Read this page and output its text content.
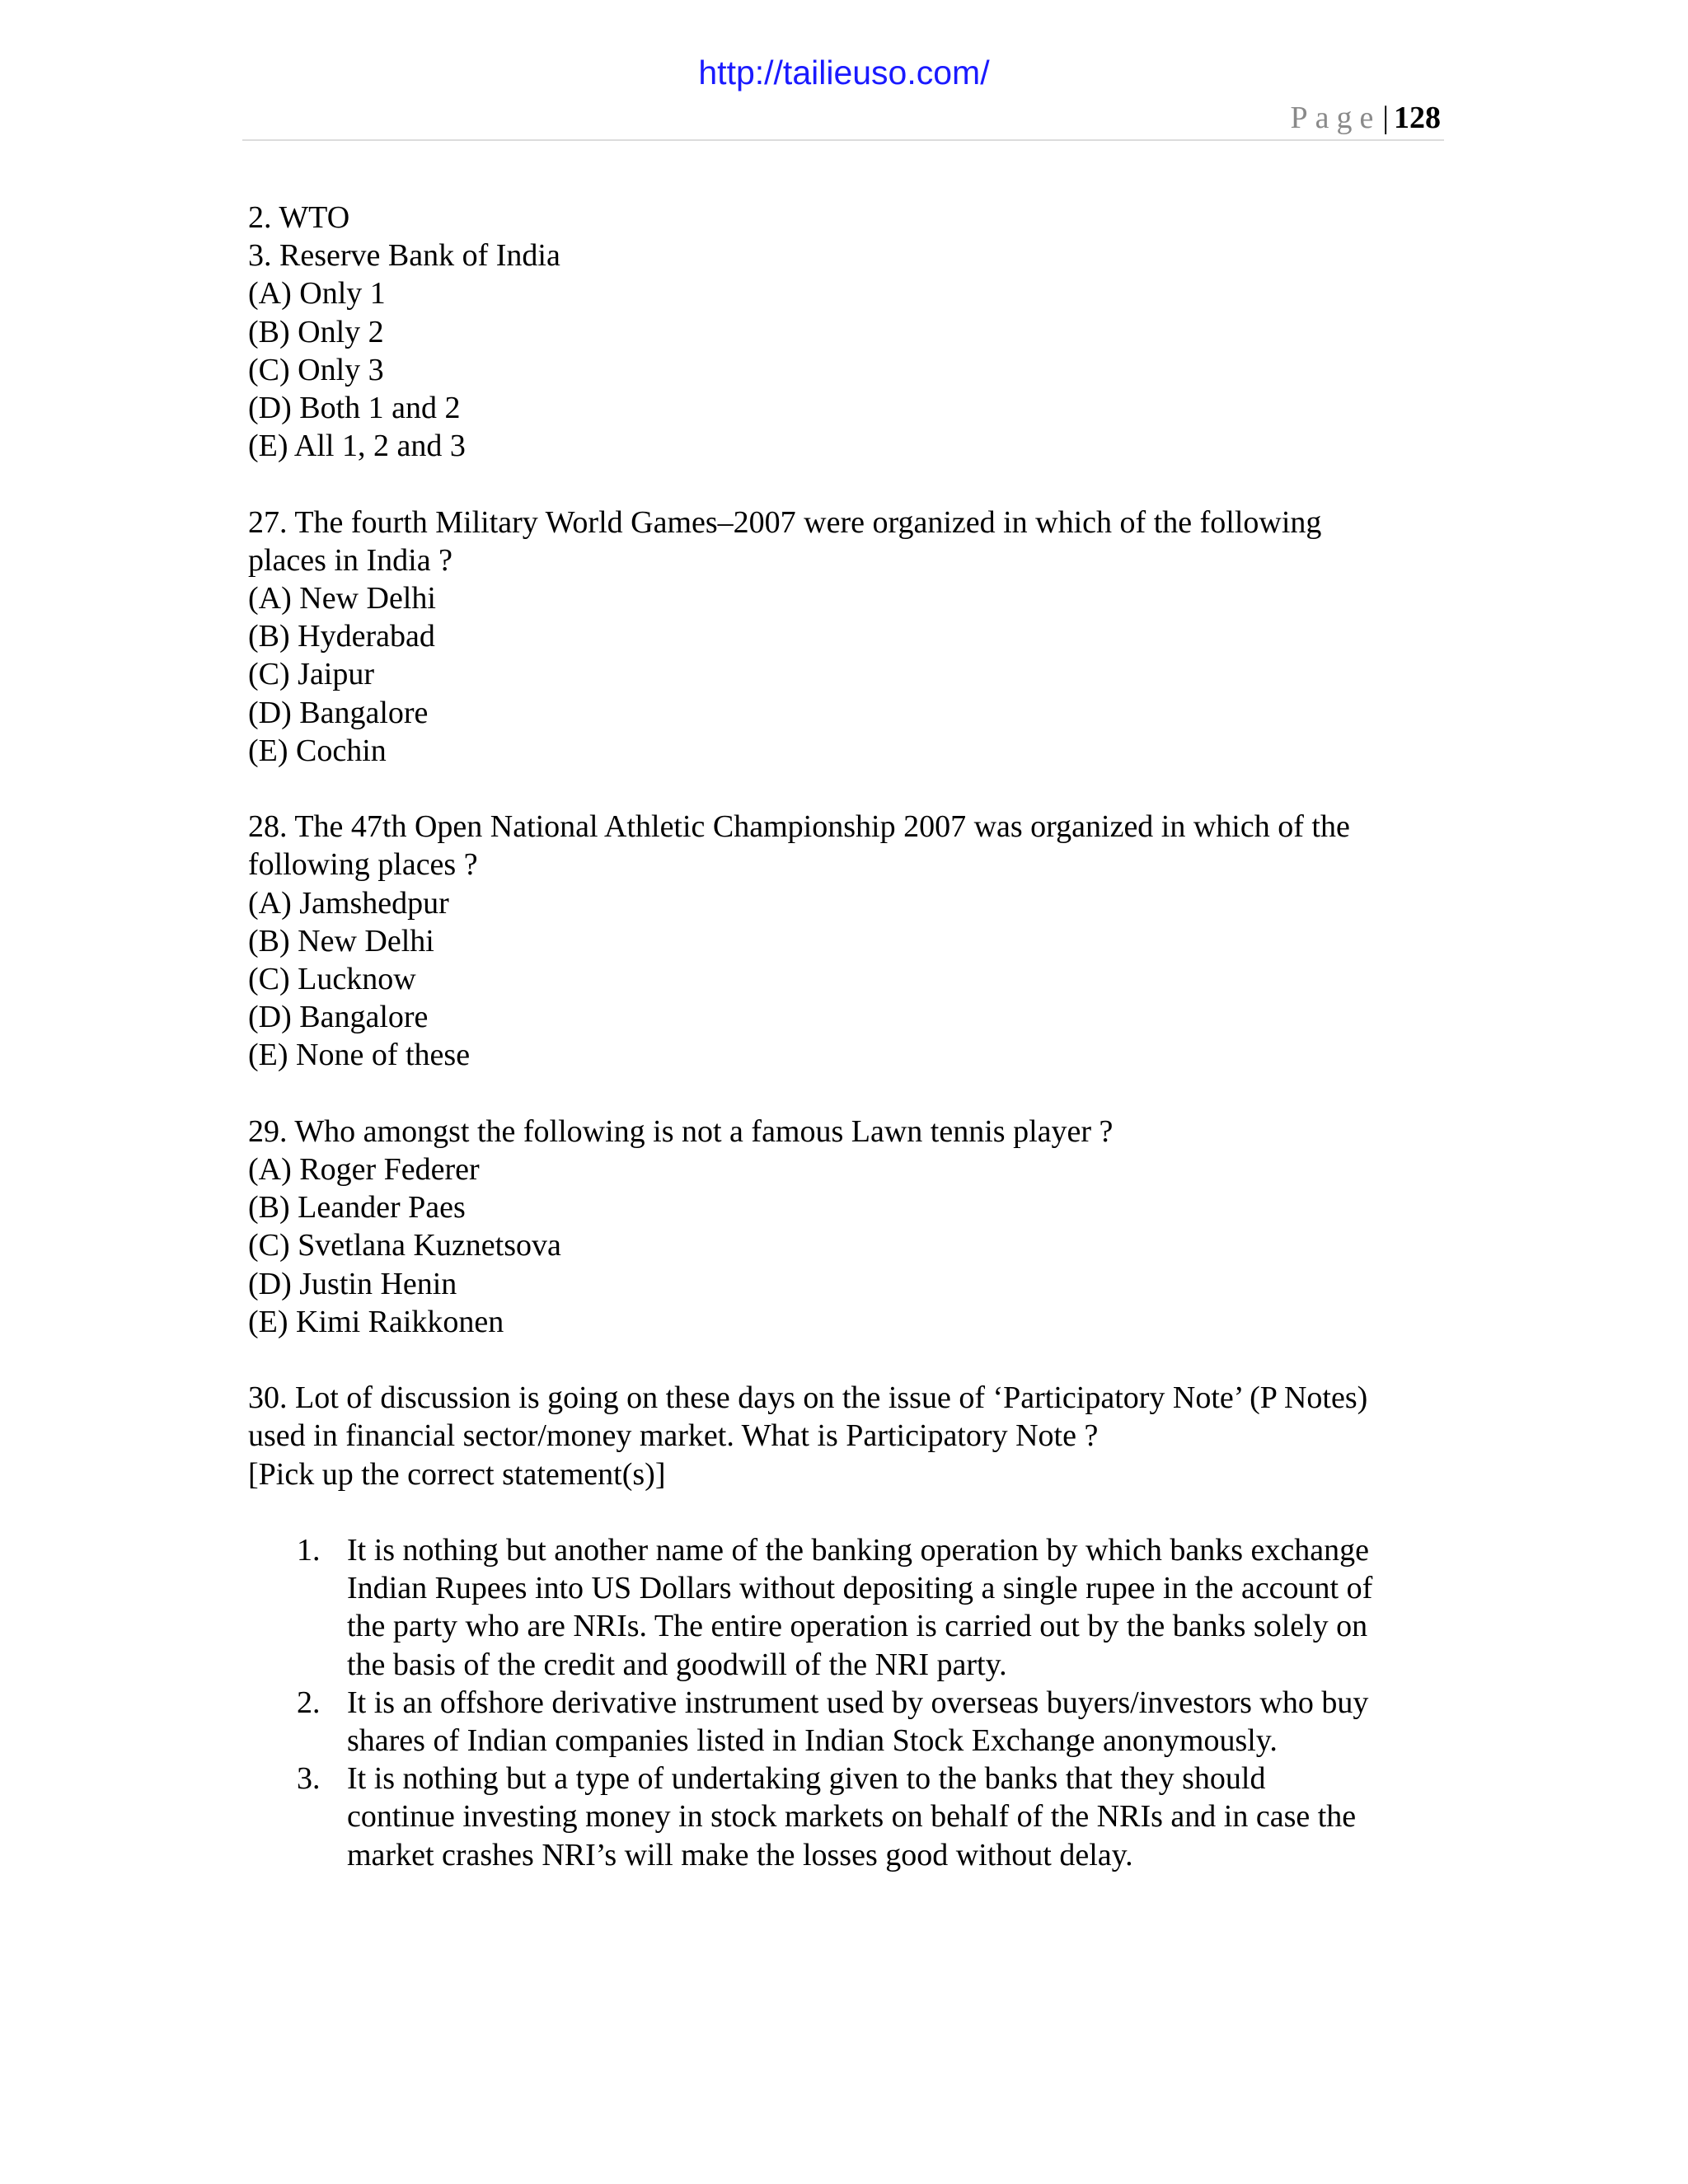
http://tailieuso.com/
Page| 128
2. WTO
3. Reserve Bank of India
(A) Only 1
(B) Only 2
(C) Only 3
(D) Both 1 and 2
(E) All 1, 2 and 3
27. The fourth Military World Games–2007 were organized in which of the following
places in India ?
(A) New Delhi
(B) Hyderabad
(C) Jaipur
(D) Bangalore
(E) Cochin
28. The 47th Open National Athletic Championship 2007 was organized in which of the
following places ?
(A) Jamshedpur
(B) New Delhi
(C) Lucknow
(D) Bangalore
(E) None of these
29. Who amongst the following is not a famous Lawn tennis player ?
(A) Roger Federer
(B) Leander Paes
(C) Svetlana Kuznetsova
(D) Justin Henin
(E) Kimi Raikkonen
30. Lot of discussion is going on these days on the issue of ‘Participatory Note’ (P Notes)
used in financial sector/money market. What is Participatory Note ?
[Pick up the correct statement(s)]
1. It is nothing but another name of the banking operation by which banks exchange
Indian Rupees into US Dollars without depositing a single rupee in the account of
the party who are NRIs. The entire operation is carried out by the banks solely on
the basis of the credit and goodwill of the NRI party.
2. It is an offshore derivative instrument used by overseas buyers/investors who buy
shares of Indian companies listed in Indian Stock Exchange anonymously.
3. It is nothing but a type of undertaking given to the banks that they should
continue investing money in stock markets on behalf of the NRIs and in case the
market crashes NRI’s will make the losses good without delay.
